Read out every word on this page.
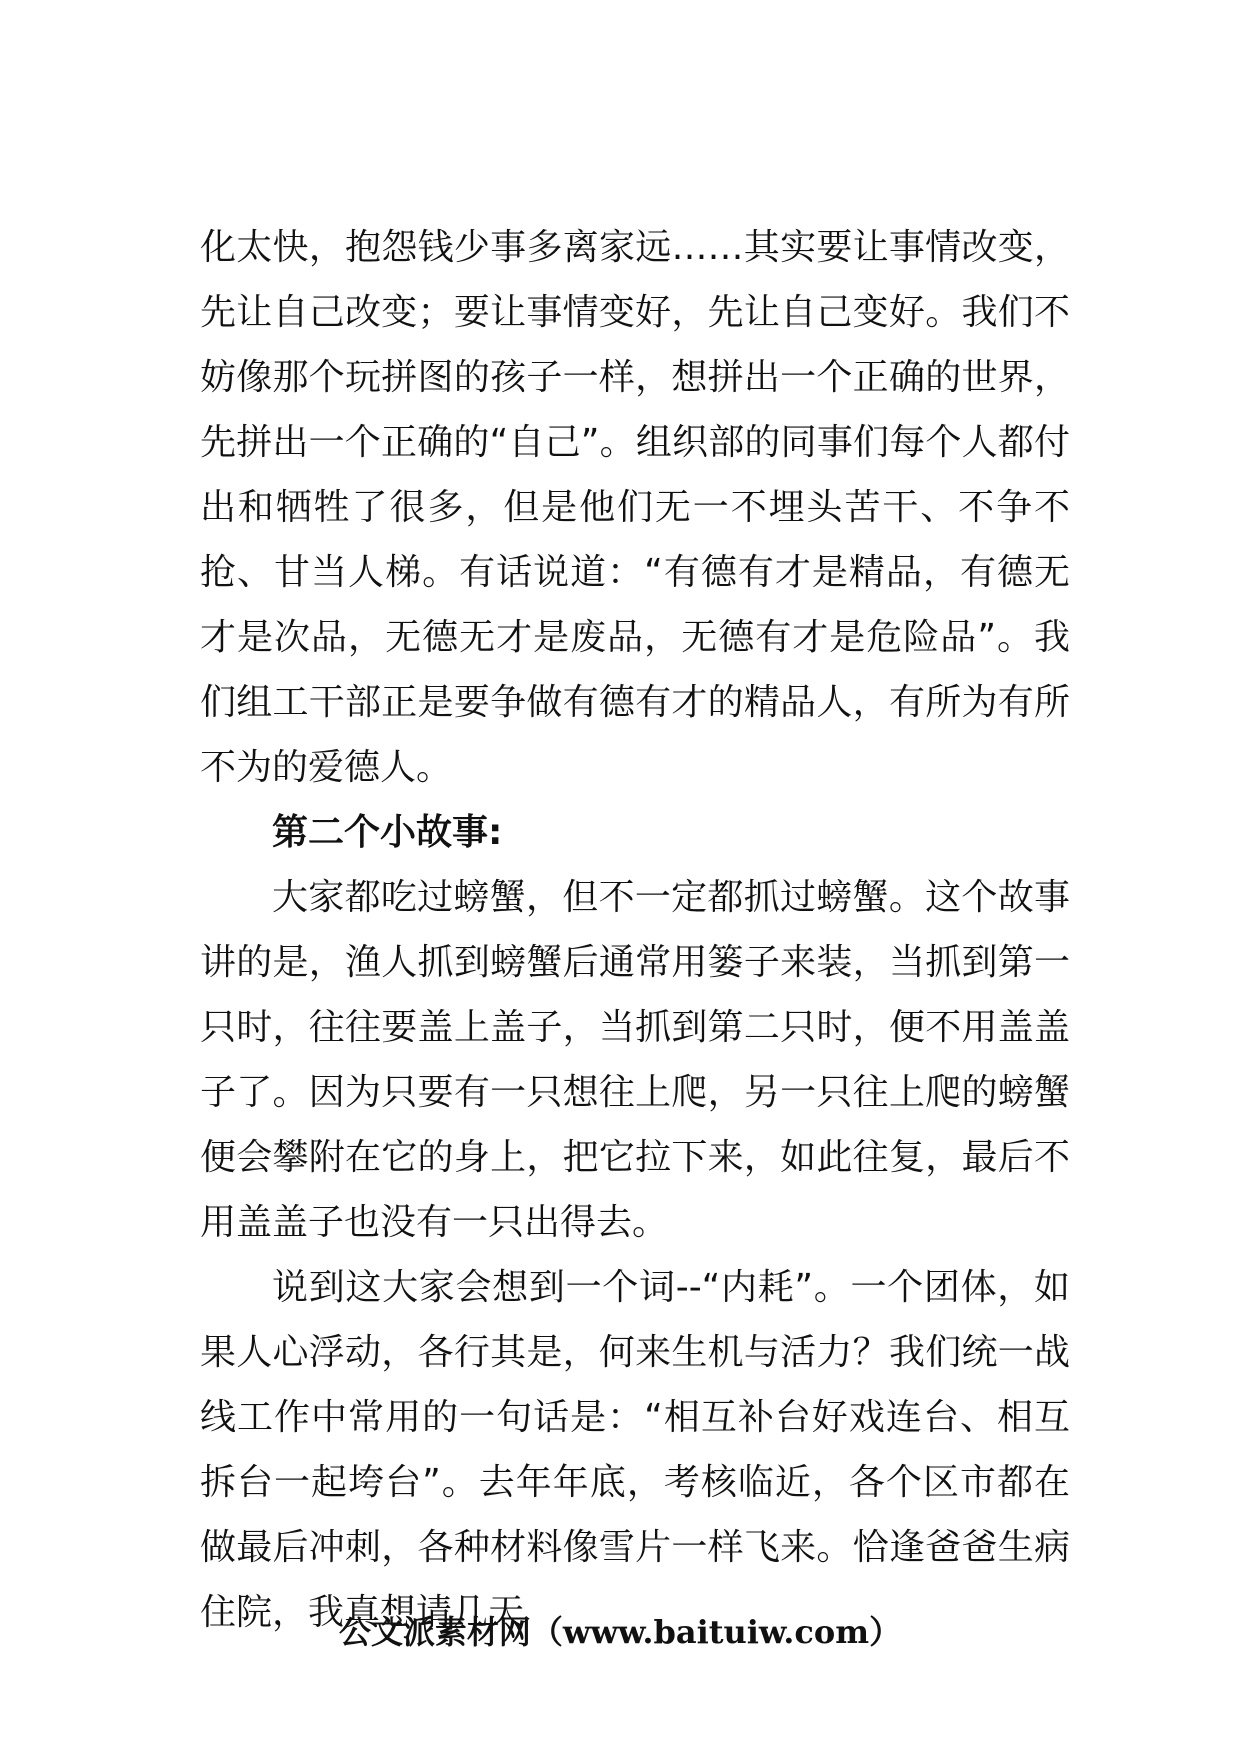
化太快，抱怨钱少事多离家远……其实要让事情改变，先让自己改变；要让事情变好，先让自己变好。我们不妨像那个玩拼图的孩子一样，想拼出一个正确的世界，先拼出一个正确的“自己”。组织部的同事们每个人都付出和牺牲了很多，但是他们无一不埋头苦干、不争不抢、甘当人梯。有话说道：“有德有才是精品，有德无才是次品，无德无才是废品，无德有才是危险品”。我们组工干部正是要争做有德有才的精品人，有所为有所不为的爱德人。

第二个小故事:

大家都吃过螃蟹，但不一定都抓过螃蟹。这个故事讲的是，渔人抓到螃蟹后通常用篓子来装，当抓到第一只时，往往要盖上盖子，当抓到第二只时，便不用盖盖子了。因为只要有一只想往上爬，另一只往上爬的螃蟹便会攀附在它的身上，把它拉下来，如此往复，最后不用盖盖子也没有一只出得去。

说到这大家会想到一个词--“内耗”。一个团体，如果人心浮动，各行其是，何来生机与活力？我们统一战线工作中常用的一句话是：“相互补台好戏连台、相互拆台一起垮台”。去年年底，考核临近，各个区市都在做最后冲刺，各种材料像雪片一样飞来。恰逢爸爸生病住院，我真想请几天

公文派素材网（www.baituiw.com）
